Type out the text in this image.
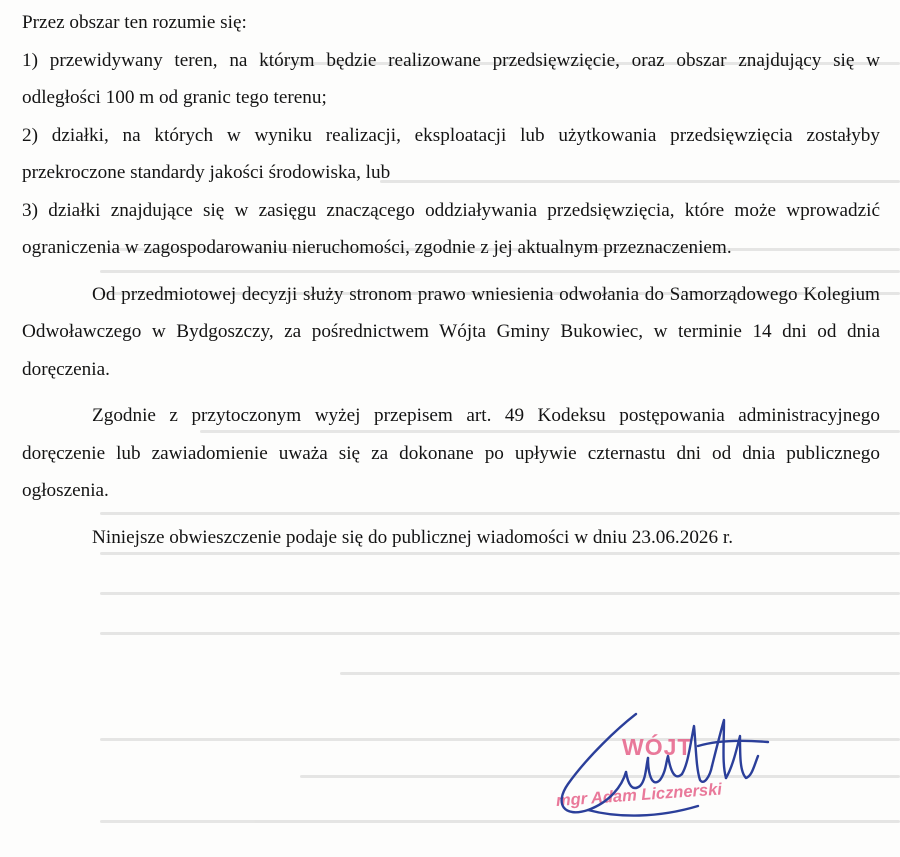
Przez obszar ten rozumie się:

1) przewidywany teren, na którym będzie realizowane przedsięwzięcie, oraz obszar znajdujący się w odległości 100 m od granic tego terenu;

2) działki, na których w wyniku realizacji, eksploatacji lub użytkowania przedsięwzięcia zostałyby przekroczone standardy jakości środowiska, lub

3) działki znajdujące się w zasięgu znaczącego oddziaływania przedsięwzięcia, które może wprowadzić ograniczenia w zagospodarowaniu nieruchomości, zgodnie z jej aktualnym przeznaczeniem.

Od przedmiotowej decyzji służy stronom prawo wniesienia odwołania do Samorządowego Kolegium Odwoławczego w Bydgoszczy, za pośrednictwem Wójta Gminy Bukowiec, w terminie 14 dni od dnia doręczenia.

Zgodnie z przytoczonym wyżej przepisem art. 49 Kodeksu postępowania administracyjnego doręczenie lub zawiadomienie uważa się za dokonane po upływie czternastu dni od dnia publicznego ogłoszenia.

Niniejsze obwieszczenie podaje się do publicznej wiadomości w dniu 23.06.2026 r.

WÓJT
mgr Adam Licznerski
